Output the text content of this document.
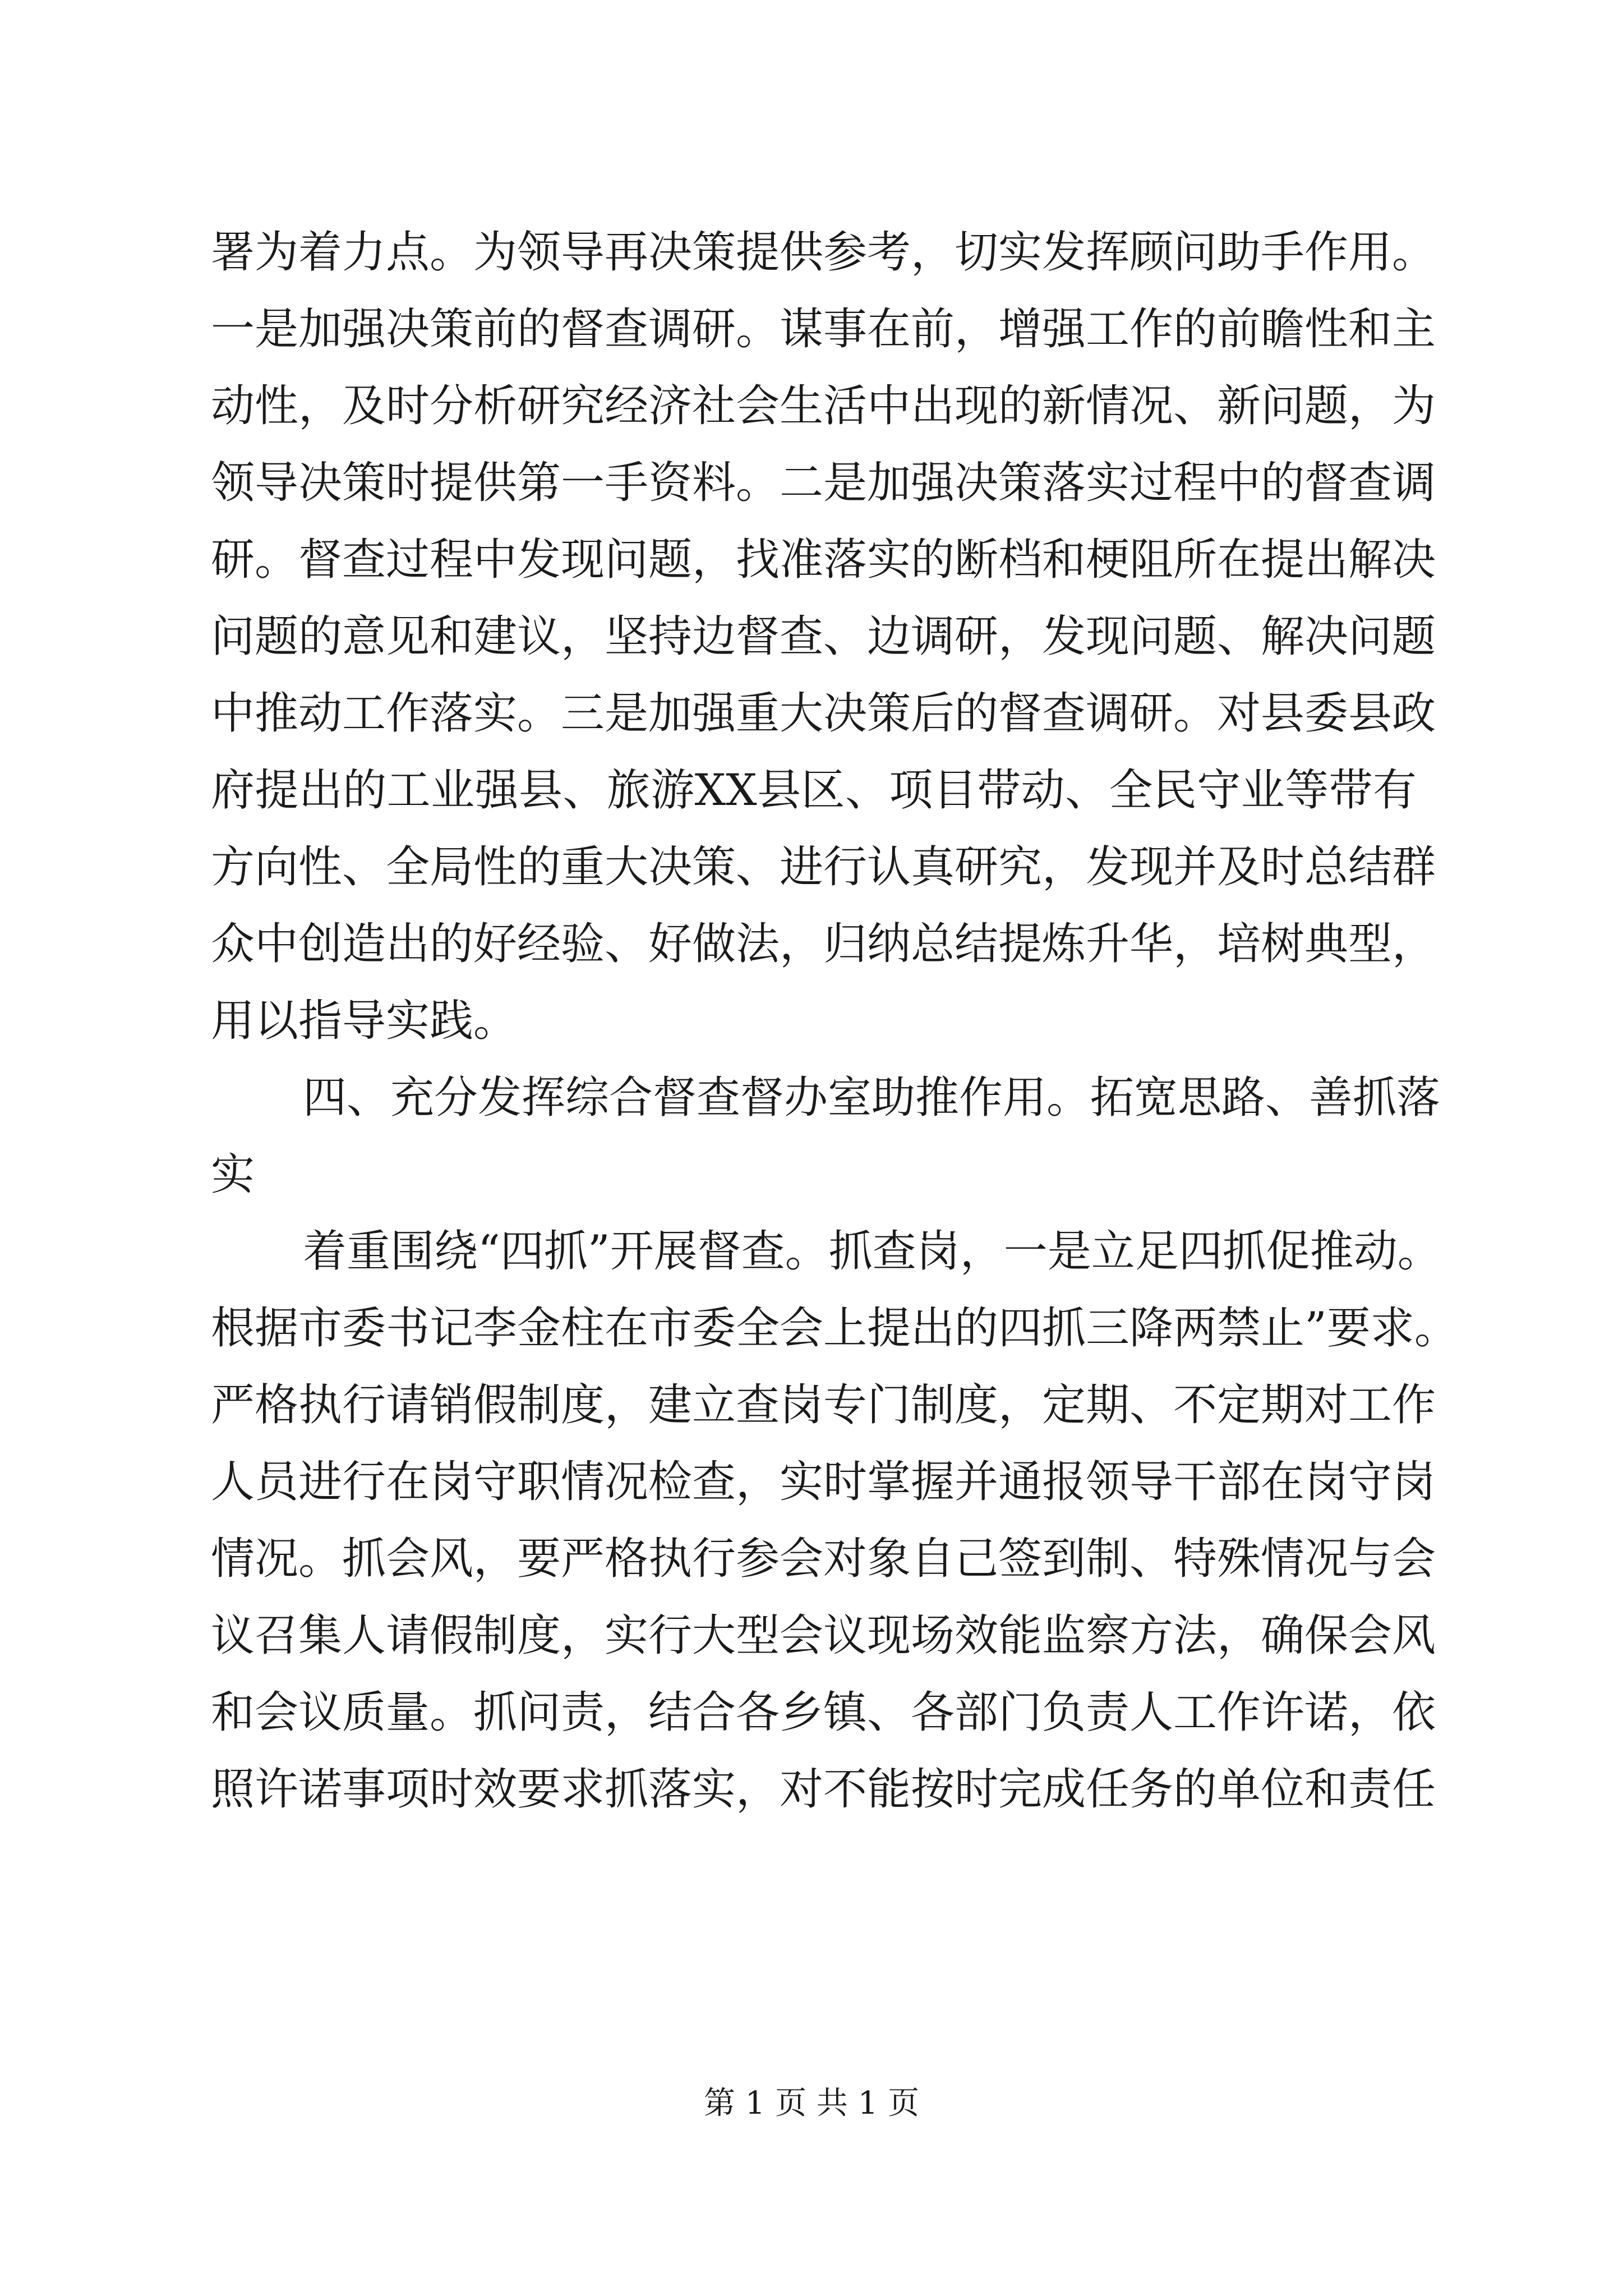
署为着力点。为领导再决策提供参考，切实发挥顾问助手作用。
一是加强决策前的督查调研。谋事在前，增强工作的前瞻性和主
动性，及时分析研究经济社会生活中出现的新情况、新问题，为
领导决策时提供第一手资料。二是加强决策落实过程中的督查调
研。督查过程中发现问题，找准落实的断档和梗阻所在提出解决
问题的意见和建议，坚持边督查、边调研，发现问题、解决问题
中推动工作落实。三是加强重大决策后的督查调研。对县委县政
府提出的工业强县、旅游XX县区、项目带动、全民守业等带有
方向性、全局性的重大决策、进行认真研究，发现并及时总结群
众中创造出的好经验、好做法，归纳总结提炼升华，培树典型，
用以指导实践。
四、充分发挥综合督查督办室助推作用。拓宽思路、善抓落
实
着重围绕“四抓”开展督查。抓查岗，一是立足四抓促推动。
根据市委书记李金柱在市委全会上提出的四抓三降两禁止”要求。
严格执行请销假制度，建立查岗专门制度，定期、不定期对工作
人员进行在岗守职情况检查，实时掌握并通报领导干部在岗守岗
情况。抓会风，要严格执行参会对象自己签到制、特殊情况与会
议召集人请假制度，实行大型会议现场效能监察方法，确保会风
和会议质量。抓问责，结合各乡镇、各部门负责人工作许诺，依
照许诺事项时效要求抓落实，对不能按时完成任务的单位和责任
第 1 页 共 1 页
